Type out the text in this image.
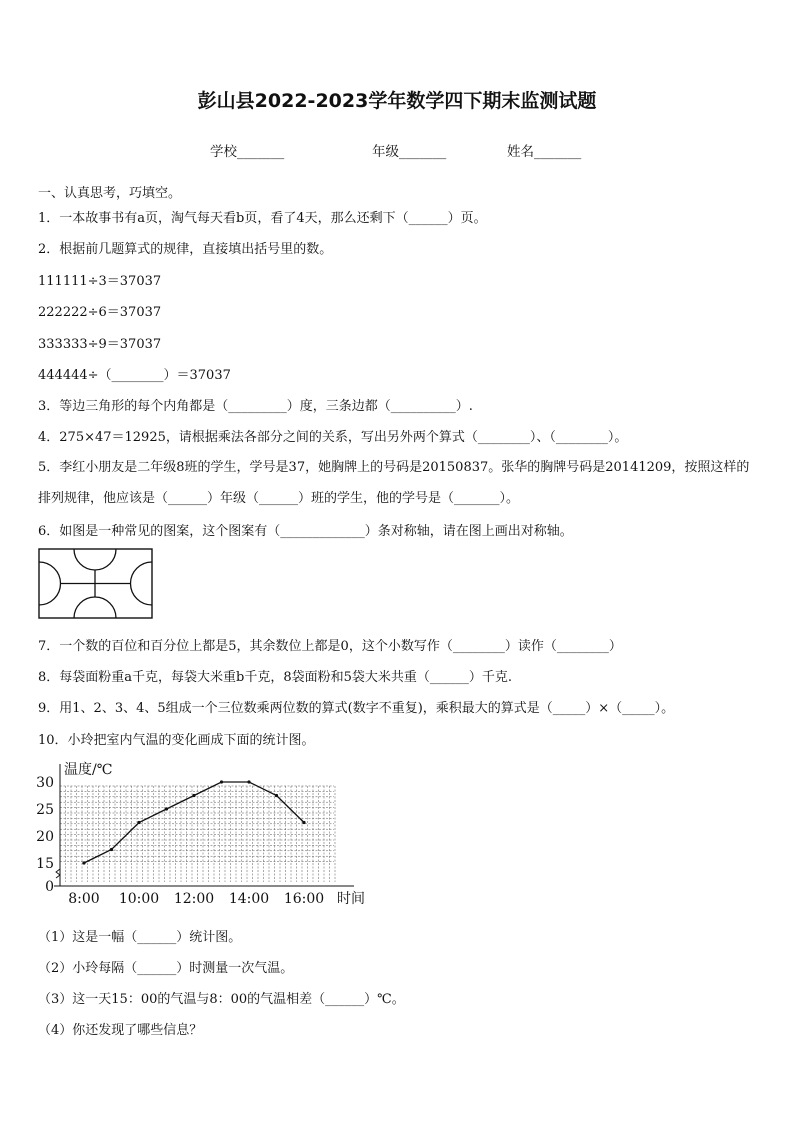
彭山县2022-2023学年数学四下期末监测试题
学校_______	年级_______	姓名_______
一、认真思考，巧填空。
1．一本故事书有a页，淘气每天看b页，看了4天，那么还剩下（______）页。
2．根据前几题算式的规律，直接填出括号里的数。
111111÷3＝37037
222222÷6＝37037
333333÷9＝37037
444444÷（________）＝37037
3．等边三角形的每个内角都是（_________）度，三条边都（__________）.
4．275×47＝12925，请根据乘法各部分之间的关系，写出另外两个算式（________）、（________）。
5．李红小朋友是二年级8班的学生，学号是37，她胸牌上的号码是20150837。张华的胸牌号码是20141209，按照这样的排列规律，他应该是（______）年级（______）班的学生，他的学号是（_______）。
6．如图是一种常见的图案，这个图案有（_____________）条对称轴，请在图上画出对称轴。
7．一个数的百位和百分位上都是5，其余数位上都是0，这个小数写作（________）读作（________）
8．每袋面粉重a千克，每袋大米重b千克，8袋面粉和5袋大米共重（______）千克.
9．用1、2、3、4、5组成一个三位数乘两位数的算式(数字不重复)，乘积最大的算式是（_____）×（_____）。
10．小玲把室内气温的变化画成下面的统计图。
温度/℃
时间
0
15
20
25
30
8:00 10:00 12:00 14:00 16:00
（1）这是一幅（______）统计图。
（2）小玲每隔（______）时测量一次气温。
（3）这一天15：00的气温与8：00的气温相差（______）℃。
（4）你还发现了哪些信息？
